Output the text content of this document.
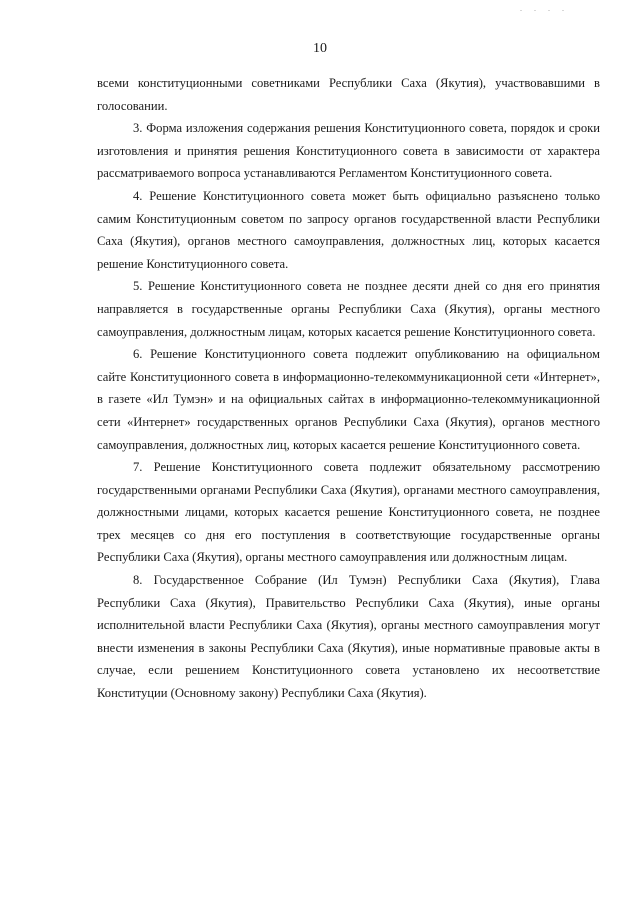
. . . .
10

всеми конституционными советниками Республики Саха (Якутия), участвовавшими в голосовании.

3. Форма изложения содержания решения Конституционного совета, порядок и сроки изготовления и принятия решения Конституционного совета в зависимости от характера рассматриваемого вопроса устанавливаются Регламентом Конституционного совета.

4. Решение Конституционного совета может быть официально разъяснено только самим Конституционным советом по запросу органов государственной власти Республики Саха (Якутия), органов местного самоуправления, должностных лиц, которых касается решение Конституционного совета.

5. Решение Конституционного совета не позднее десяти дней со дня его принятия направляется в государственные органы Республики Саха (Якутия), органы местного самоуправления, должностным лицам, которых касается решение Конституционного совета.

6. Решение Конституционного совета подлежит опубликованию на официальном сайте Конституционного совета в информационно-телекоммуникационной сети «Интернет», в газете «Ил Тумэн» и на официальных сайтах в информационно-телекоммуникационной сети «Интернет» государственных органов Республики Саха (Якутия), органов местного самоуправления, должностных лиц, которых касается решение Конституционного совета.

7. Решение Конституционного совета подлежит обязательному рассмотрению государственными органами Республики Саха (Якутия), органами местного самоуправления, должностными лицами, которых касается решение Конституционного совета, не позднее трех месяцев со дня его поступления в соответствующие государственные органы Республики Саха (Якутия), органы местного самоуправления или должностным лицам.

8. Государственное Собрание (Ил Тумэн) Республики Саха (Якутия), Глава Республики Саха (Якутия), Правительство Республики Саха (Якутия), иные органы исполнительной власти Республики Саха (Якутия), органы местного самоуправления могут внести изменения в законы Республики Саха (Якутия), иные нормативные правовые акты в случае, если решением Конституционного совета установлено их несоответствие Конституции (Основному закону) Республики Саха (Якутия).
